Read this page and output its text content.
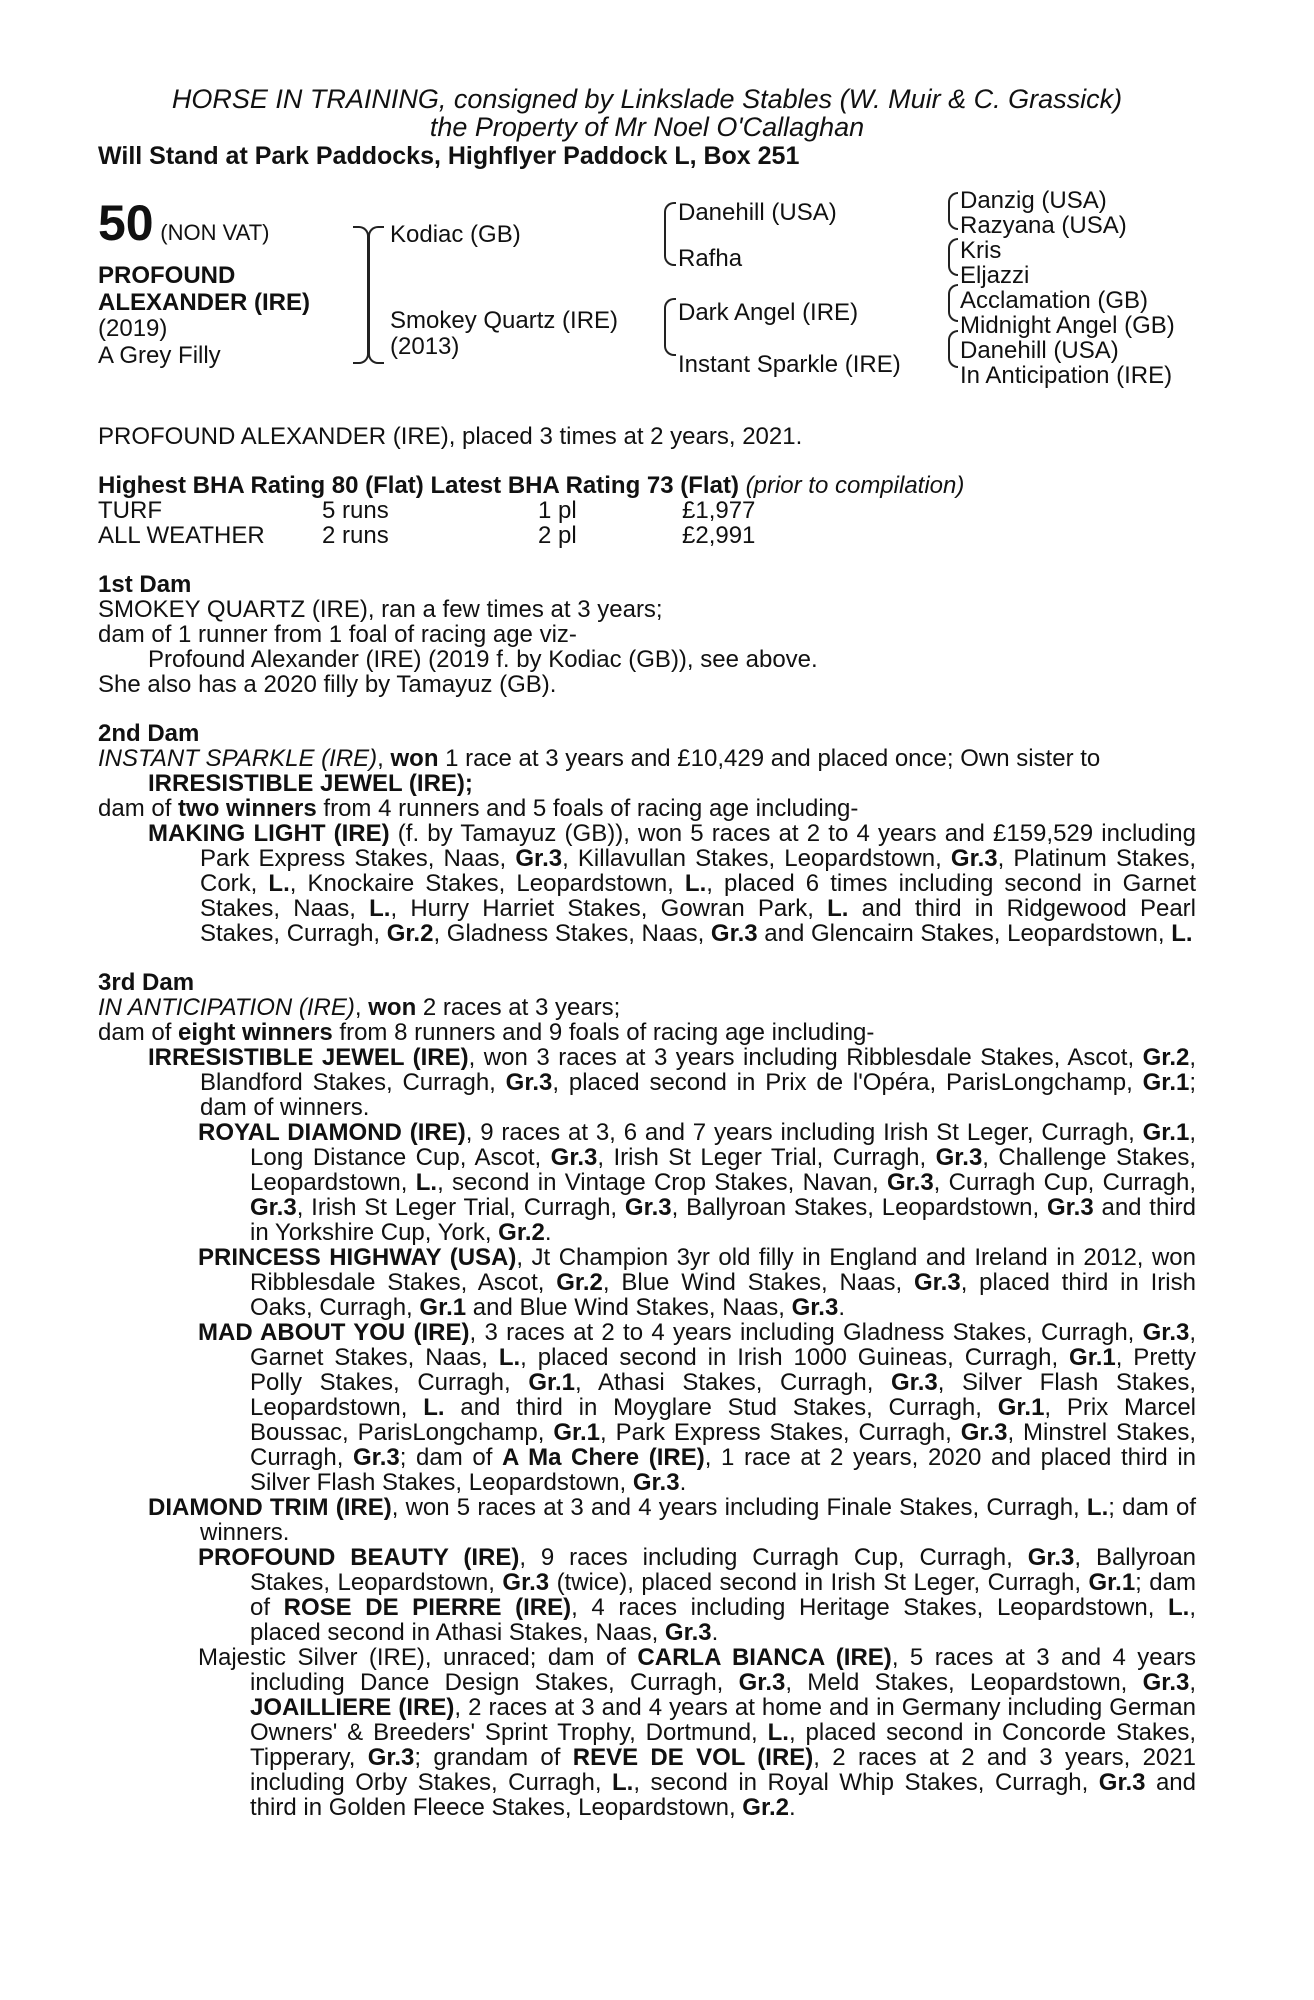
HORSE IN TRAINING, consigned by Linkslade Stables (W. Muir & C. Grassick)
the Property of Mr Noel O'Callaghan
Will Stand at Park Paddocks, Highflyer Paddock L, Box 251
50 (NON VAT)
PROFOUND
ALEXANDER (IRE)
(2019)
A Grey Filly
Kodiac (GB)
Smokey Quartz (IRE)
(2013)
Danehill (USA)
Rafha
Dark Angel (IRE)
Instant Sparkle (IRE)
Danzig (USA)
Razyana (USA)
Kris
Eljazzi
Acclamation (GB)
Midnight Angel (GB)
Danehill (USA)
In Anticipation (IRE)
PROFOUND ALEXANDER (IRE), placed 3 times at 2 years, 2021.
Highest BHA Rating 80 (Flat) Latest BHA Rating 73 (Flat) (prior to compilation)
TURF	5 runs	1 pl	£1,977
ALL WEATHER	2 runs	2 pl	£2,991
1st Dam
SMOKEY QUARTZ (IRE), ran a few times at 3 years;
dam of 1 runner from 1 foal of racing age viz-
Profound Alexander (IRE) (2019 f. by Kodiac (GB)), see above.
She also has a 2020 filly by Tamayuz (GB).
2nd Dam
INSTANT SPARKLE (IRE), won 1 race at 3 years and £10,429 and placed once; Own sister to
IRRESISTIBLE JEWEL (IRE);
dam of two winners from 4 runners and 5 foals of racing age including-
MAKING LIGHT (IRE) (f. by Tamayuz (GB)), won 5 races at 2 to 4 years and £159,529 including Park Express Stakes, Naas, Gr.3, Killavullan Stakes, Leopardstown, Gr.3, Platinum Stakes, Cork, L., Knockaire Stakes, Leopardstown, L., placed 6 times including second in Garnet Stakes, Naas, L., Hurry Harriet Stakes, Gowran Park, L. and third in Ridgewood Pearl Stakes, Curragh, Gr.2, Gladness Stakes, Naas, Gr.3 and Glencairn Stakes, Leopardstown, L.
3rd Dam
IN ANTICIPATION (IRE), won 2 races at 3 years;
dam of eight winners from 8 runners and 9 foals of racing age including-
IRRESISTIBLE JEWEL (IRE), won 3 races at 3 years including Ribblesdale Stakes, Ascot, Gr.2, Blandford Stakes, Curragh, Gr.3, placed second in Prix de l'Opéra, ParisLongchamp, Gr.1; dam of winners.
ROYAL DIAMOND (IRE), 9 races at 3, 6 and 7 years including Irish St Leger, Curragh, Gr.1, Long Distance Cup, Ascot, Gr.3, Irish St Leger Trial, Curragh, Gr.3, Challenge Stakes, Leopardstown, L., second in Vintage Crop Stakes, Navan, Gr.3, Curragh Cup, Curragh, Gr.3, Irish St Leger Trial, Curragh, Gr.3, Ballyroan Stakes, Leopardstown, Gr.3 and third in Yorkshire Cup, York, Gr.2.
PRINCESS HIGHWAY (USA), Jt Champion 3yr old filly in England and Ireland in 2012, won Ribblesdale Stakes, Ascot, Gr.2, Blue Wind Stakes, Naas, Gr.3, placed third in Irish Oaks, Curragh, Gr.1 and Blue Wind Stakes, Naas, Gr.3.
MAD ABOUT YOU (IRE), 3 races at 2 to 4 years including Gladness Stakes, Curragh, Gr.3, Garnet Stakes, Naas, L., placed second in Irish 1000 Guineas, Curragh, Gr.1, Pretty Polly Stakes, Curragh, Gr.1, Athasi Stakes, Curragh, Gr.3, Silver Flash Stakes, Leopardstown, L. and third in Moyglare Stud Stakes, Curragh, Gr.1, Prix Marcel Boussac, ParisLongchamp, Gr.1, Park Express Stakes, Curragh, Gr.3, Minstrel Stakes, Curragh, Gr.3; dam of A Ma Chere (IRE), 1 race at 2 years, 2020 and placed third in Silver Flash Stakes, Leopardstown, Gr.3.
DIAMOND TRIM (IRE), won 5 races at 3 and 4 years including Finale Stakes, Curragh, L.; dam of winners.
PROFOUND BEAUTY (IRE), 9 races including Curragh Cup, Curragh, Gr.3, Ballyroan Stakes, Leopardstown, Gr.3 (twice), placed second in Irish St Leger, Curragh, Gr.1; dam of ROSE DE PIERRE (IRE), 4 races including Heritage Stakes, Leopardstown, L., placed second in Athasi Stakes, Naas, Gr.3.
Majestic Silver (IRE), unraced; dam of CARLA BIANCA (IRE), 5 races at 3 and 4 years including Dance Design Stakes, Curragh, Gr.3, Meld Stakes, Leopardstown, Gr.3, JOAILLIERE (IRE), 2 races at 3 and 4 years at home and in Germany including German Owners' & Breeders' Sprint Trophy, Dortmund, L., placed second in Concorde Stakes, Tipperary, Gr.3; grandam of REVE DE VOL (IRE), 2 races at 2 and 3 years, 2021 including Orby Stakes, Curragh, L., second in Royal Whip Stakes, Curragh, Gr.3 and third in Golden Fleece Stakes, Leopardstown, Gr.2.
